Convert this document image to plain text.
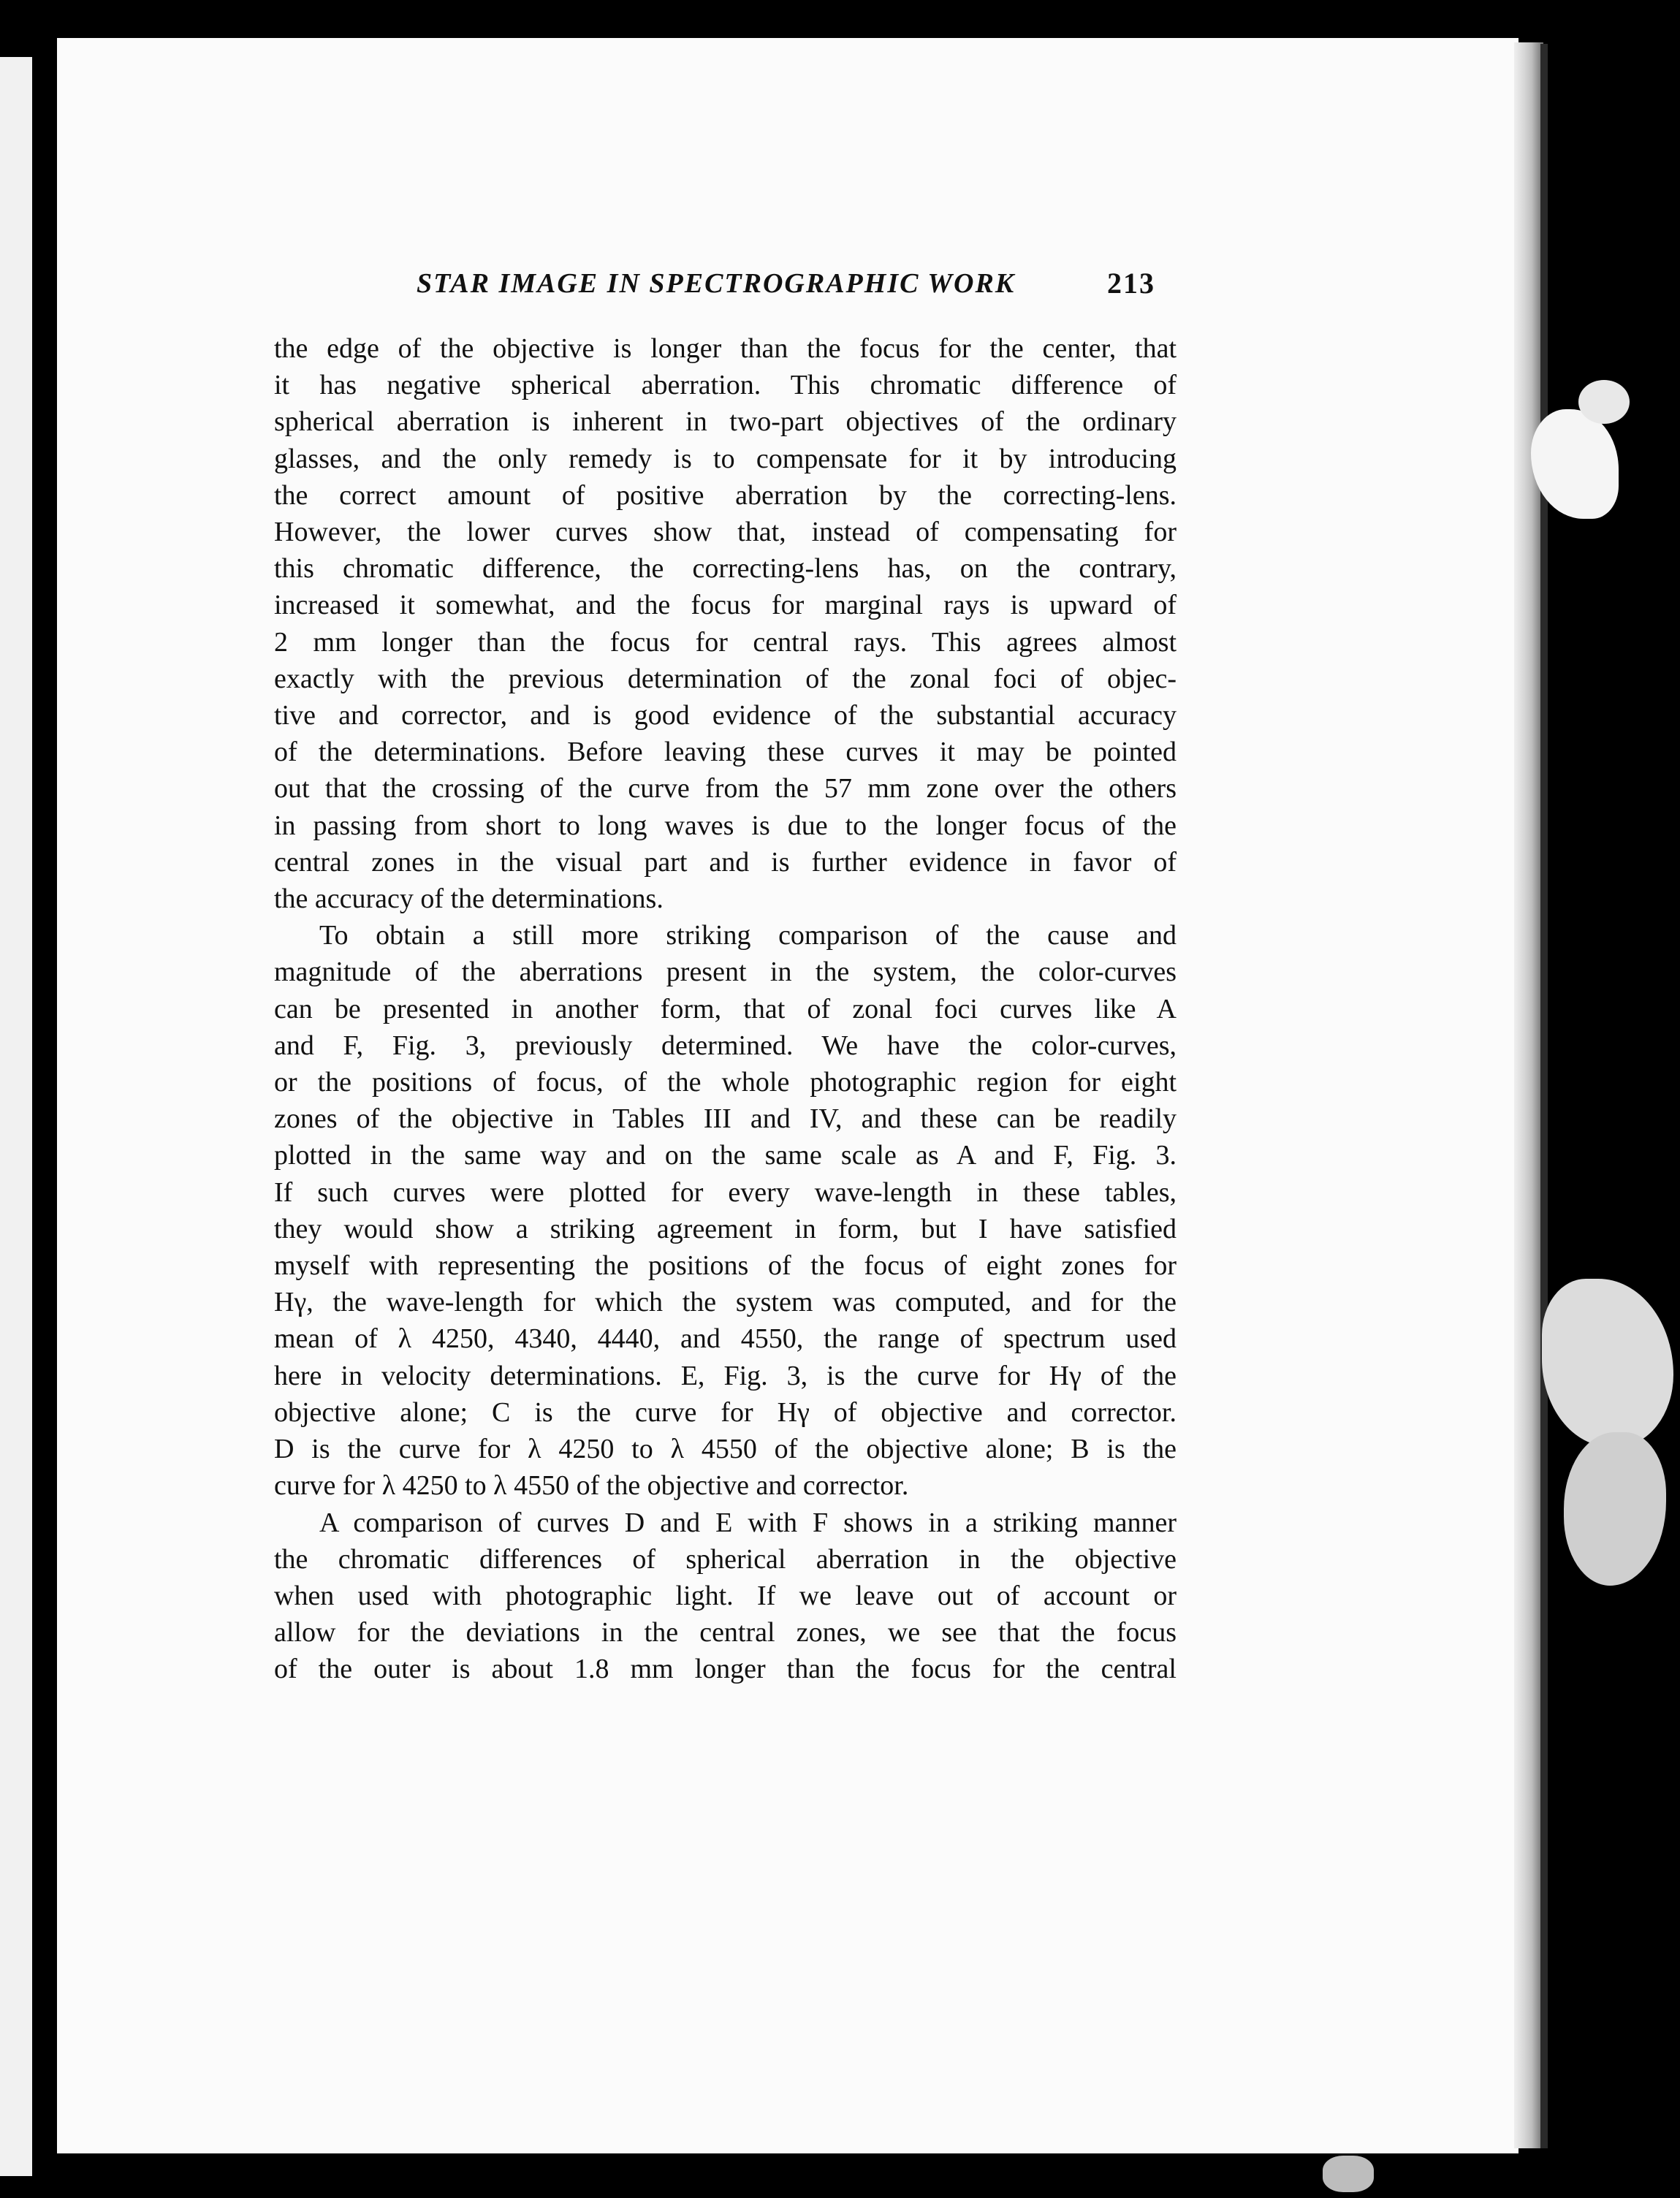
STAR IMAGE IN SPECTROGRAPHIC WORK	213

the edge of the objective is longer than the focus for the center, that

it has negative spherical aberration. This chromatic difference of

spherical aberration is inherent in two-part objectives of the ordinary

glasses, and the only remedy is to compensate for it by introducing

the correct amount of positive aberration by the correcting-lens.

However, the lower curves show that, instead of compensating for

this chromatic difference, the correcting-lens has, on the contrary,

increased it somewhat, and the focus for marginal rays is upward of

2 mm longer than the focus for central rays. This agrees almost

exactly with the previous determination of the zonal foci of objec-

tive and corrector, and is good evidence of the substantial accuracy

of the determinations. Before leaving these curves it may be pointed

out that the crossing of the curve from the 57 mm zone over the others

in passing from short to long waves is due to the longer focus of the

central zones in the visual part and is further evidence in favor of

the accuracy of the determinations.

To obtain a still more striking comparison of the cause and

magnitude of the aberrations present in the system, the color-curves

can be presented in another form, that of zonal foci curves like A

and F, Fig. 3, previously determined. We have the color-curves,

or the positions of focus, of the whole photographic region for eight

zones of the objective in Tables III and IV, and these can be readily

plotted in the same way and on the same scale as A and F, Fig. 3.

If such curves were plotted for every wave-length in these tables,

they would show a striking agreement in form, but I have satisfied

myself with representing the positions of the focus of eight zones for

Hγ, the wave-length for which the system was computed, and for the

mean of λ 4250, 4340, 4440, and 4550, the range of spectrum used

here in velocity determinations. E, Fig. 3, is the curve for Hγ of the

objective alone; C is the curve for Hγ of objective and corrector.

D is the curve for λ 4250 to λ 4550 of the objective alone; B is the

curve for λ 4250 to λ 4550 of the objective and corrector.

A comparison of curves D and E with F shows in a striking manner

the chromatic differences of spherical aberration in the objective

when used with photographic light. If we leave out of account or

allow for the deviations in the central zones, we see that the focus

of the outer is about 1.8 mm longer than the focus for the central
